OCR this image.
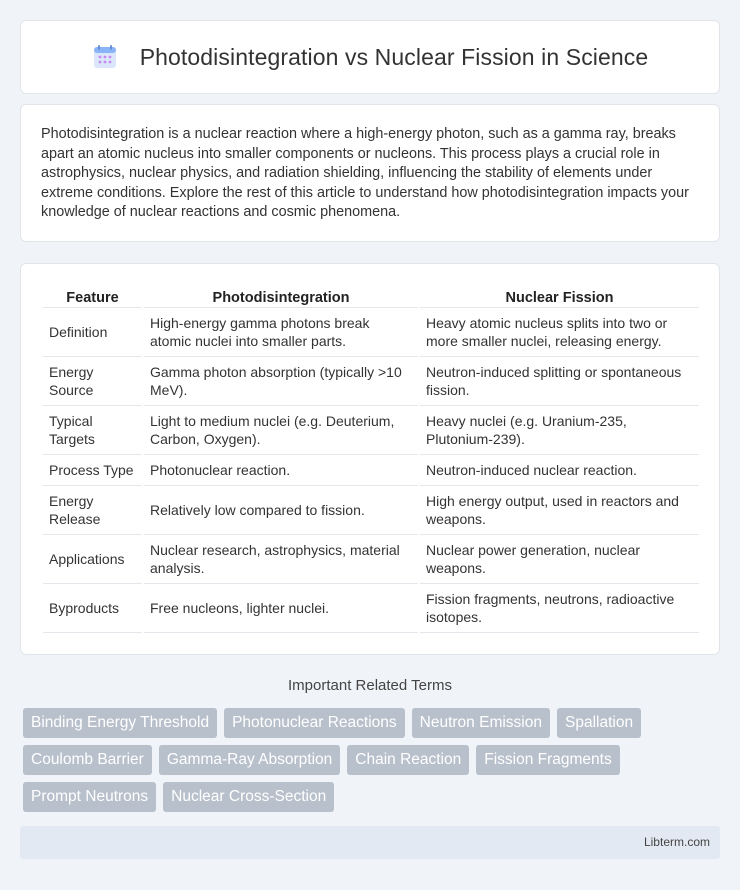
Photodisintegration vs Nuclear Fission in Science

Photodisintegration is a nuclear reaction where a high-energy photon, such as a gamma ray, breaks apart an atomic nucleus into smaller components or nucleons. This process plays a crucial role in astrophysics, nuclear physics, and radiation shielding, influencing the stability of elements under extreme conditions. Explore the rest of this article to understand how photodisintegration impacts your knowledge of nuclear reactions and cosmic phenomena.

Feature		Photodisintegration		Nuclear Fission
Definition		High-energy gamma photons break atomic nuclei into smaller parts.		Heavy atomic nucleus splits into two or more smaller nuclei, releasing energy.
Energy Source		Gamma photon absorption (typically >10 MeV).		Neutron-induced splitting or spontaneous fission.
Typical Targets		Light to medium nuclei (e.g. Deuterium, Carbon, Oxygen).		Heavy nuclei (e.g. Uranium-235, Plutonium-239).
Process Type		Photonuclear reaction.		Neutron-induced nuclear reaction.
Energy Release		Relatively low compared to fission.		High energy output, used in reactors and weapons.
Applications		Nuclear research, astrophysics, material analysis.		Nuclear power generation, nuclear weapons.
Byproducts		Free nucleons, lighter nuclei.		Fission fragments, neutrons, radioactive isotopes.
Important Related Terms
Binding Energy Threshold	Photonuclear Reactions	Neutron Emission	Spallation
Coulomb Barrier	Gamma-Ray Absorption	Chain Reaction	Fission Fragments
Prompt Neutrons	Nuclear Cross-Section
Libterm.com
